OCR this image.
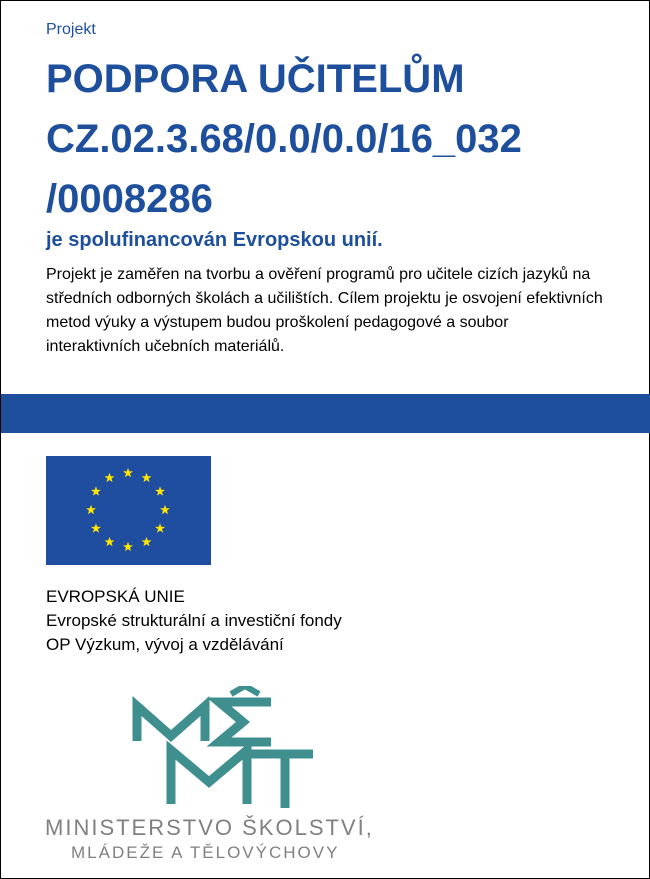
Projekt
PODPORA UČITELŮM
CZ.02.3.68/0.0/0.0/16_032
/0008286
je spolufinancován Evropskou unií.

Projekt je zaměřen na tvorbu a ověření programů pro učitele cizích jazyků na středních odborných školách a učilištích. Cílem projektu je osvojení efektivních metod výuky a výstupem budou proškolení pedagogové a soubor interaktivních učebních materiálů.

EVROPSKÁ UNIE
Evropské strukturální a investiční fondy
OP Výzkum, vývoj a vzdělávání
MINISTERSTVO ŠKOLSTVÍ,
MLÁDEŽE A TĚLOVÝCHOVY
